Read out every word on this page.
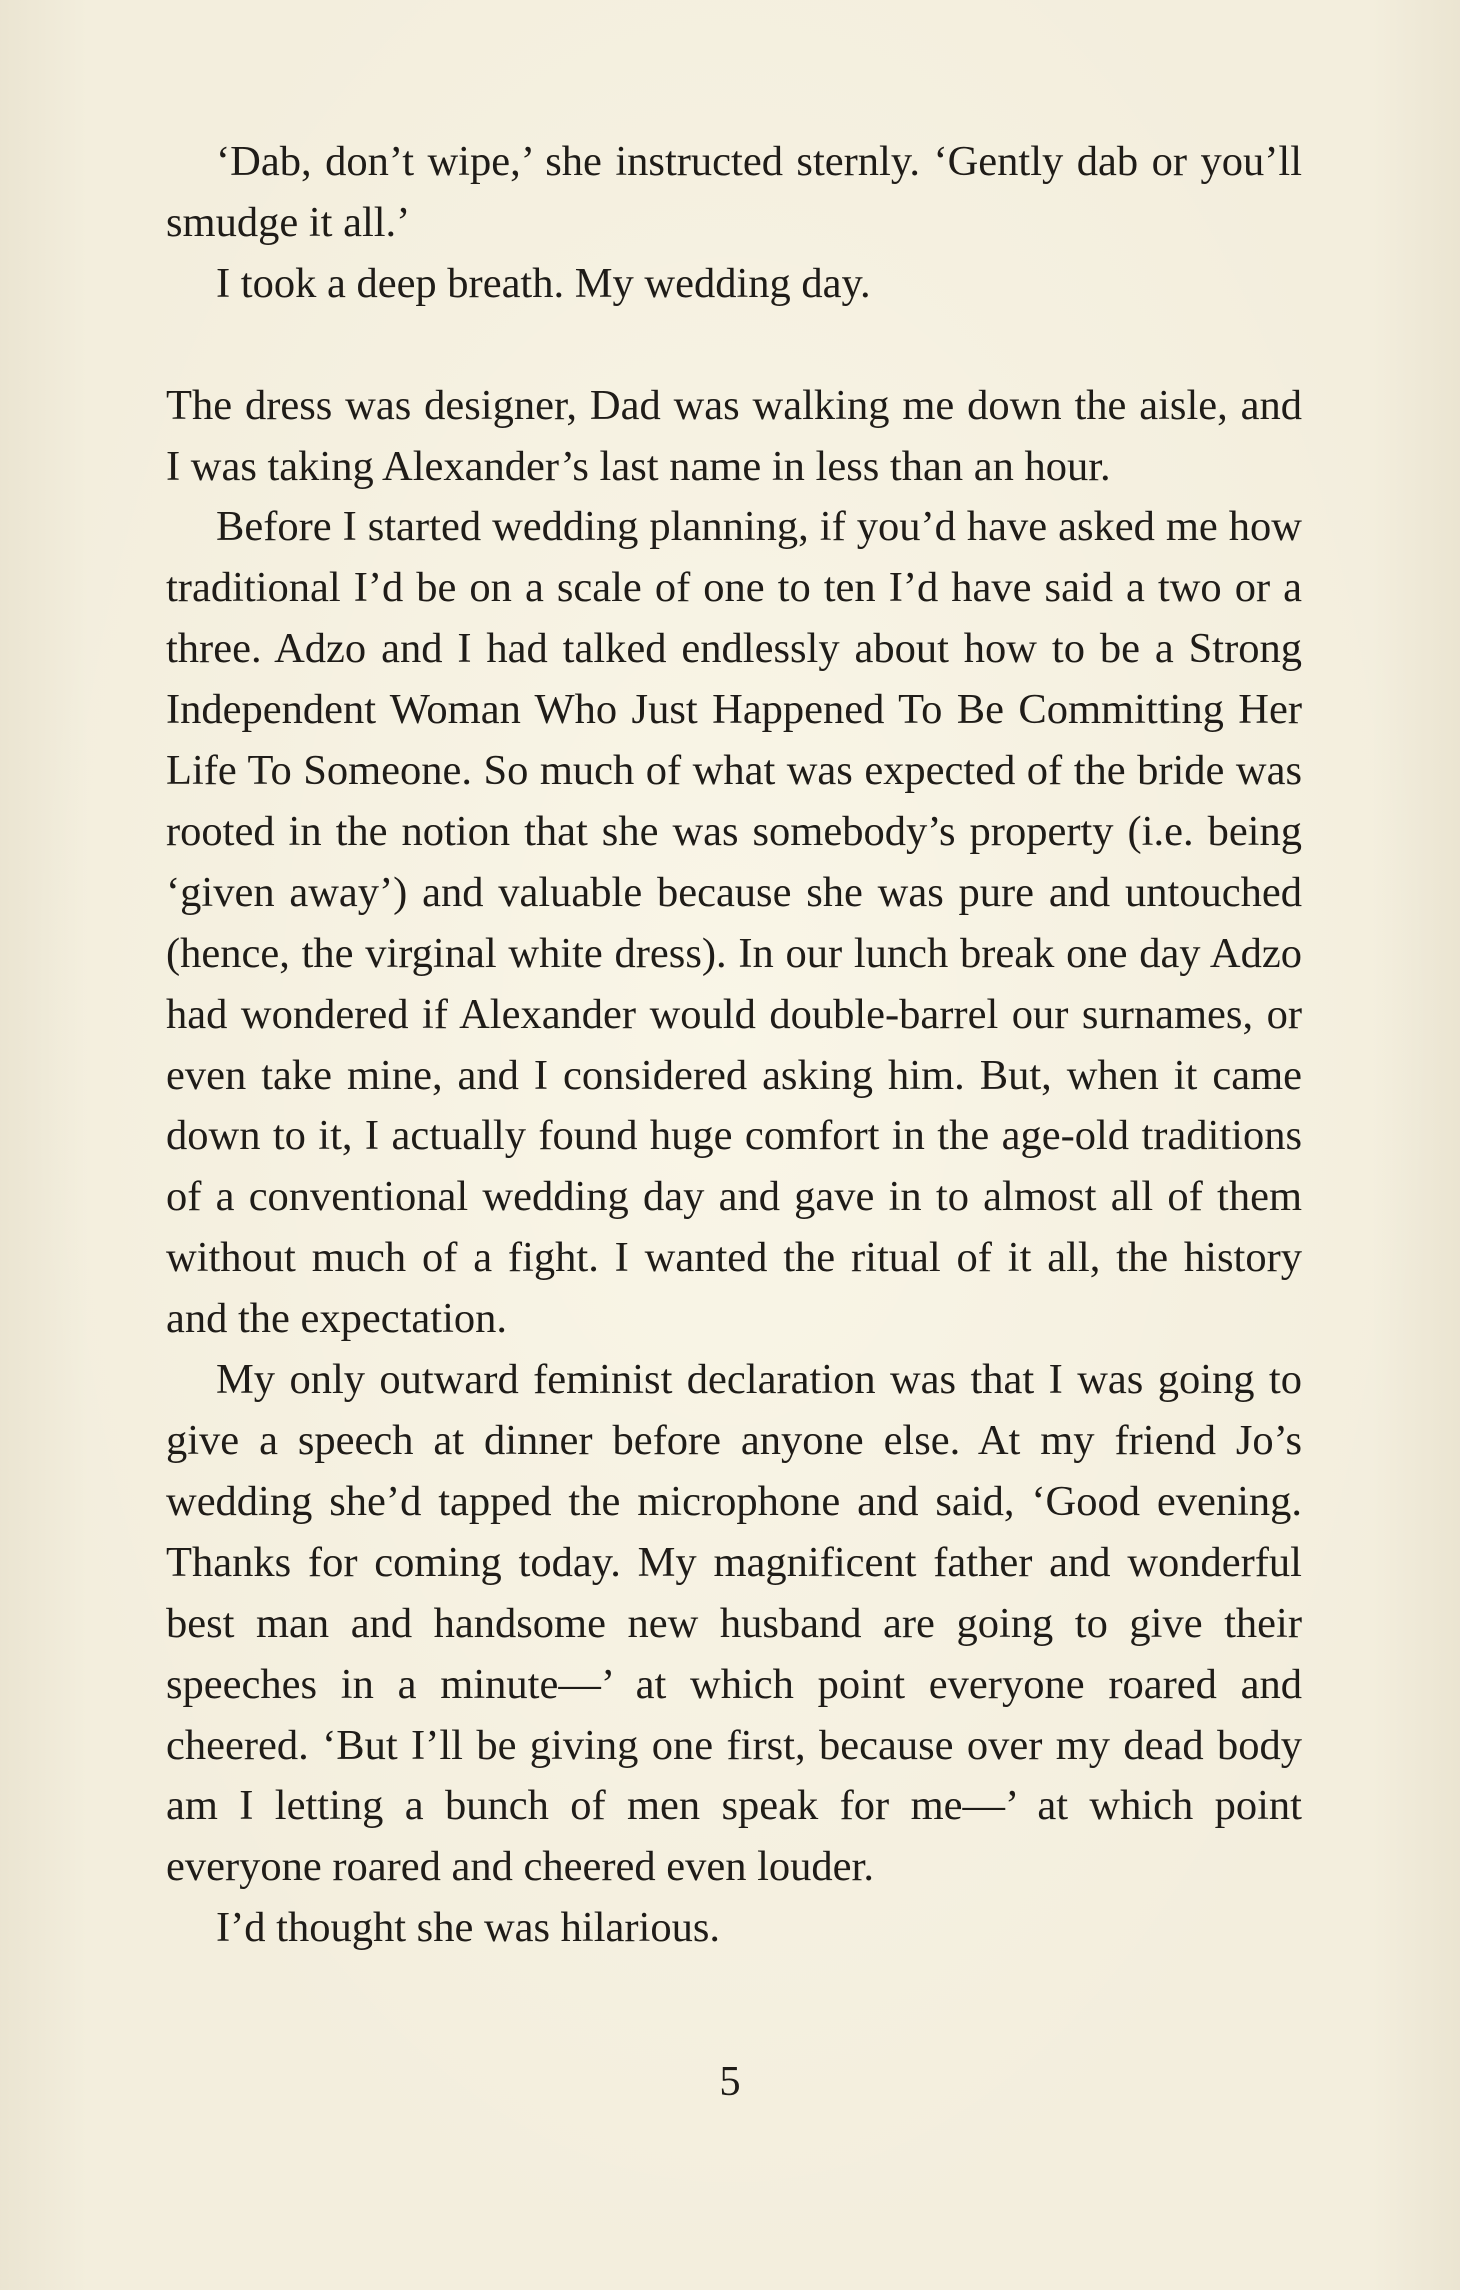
‘Dab, don’t wipe,’ she instructed sternly. ‘Gently dab or you’ll smudge it all.’

I took a deep breath. My wedding day.

The dress was designer, Dad was walking me down the aisle, and I was taking Alexander’s last name in less than an hour.

Before I started wedding planning, if you’d have asked me how traditional I’d be on a scale of one to ten I’d have said a two or a three. Adzo and I had talked endlessly about how to be a Strong Independent Woman Who Just Happened To Be Committing Her Life To Someone. So much of what was expected of the bride was rooted in the notion that she was somebody’s property (i.e. being ‘given away’) and valuable because she was pure and untouched (hence, the virginal white dress). In our lunch break one day Adzo had wondered if Alexander would double-barrel our surnames, or even take mine, and I considered asking him. But, when it came down to it, I actually found huge comfort in the age-old traditions of a conventional wedding day and gave in to almost all of them without much of a fight. I wanted the ritual of it all, the history and the expectation.

My only outward feminist declaration was that I was going to give a speech at dinner before anyone else. At my friend Jo’s wedding she’d tapped the microphone and said, ‘Good evening. Thanks for coming today. My magnificent father and wonderful best man and handsome new husband are going to give their speeches in a minute—’ at which point everyone roared and cheered. ‘But I’ll be giving one first, because over my dead body am I letting a bunch of men speak for me—’ at which point everyone roared and cheered even louder.

I’d thought she was hilarious.

5
